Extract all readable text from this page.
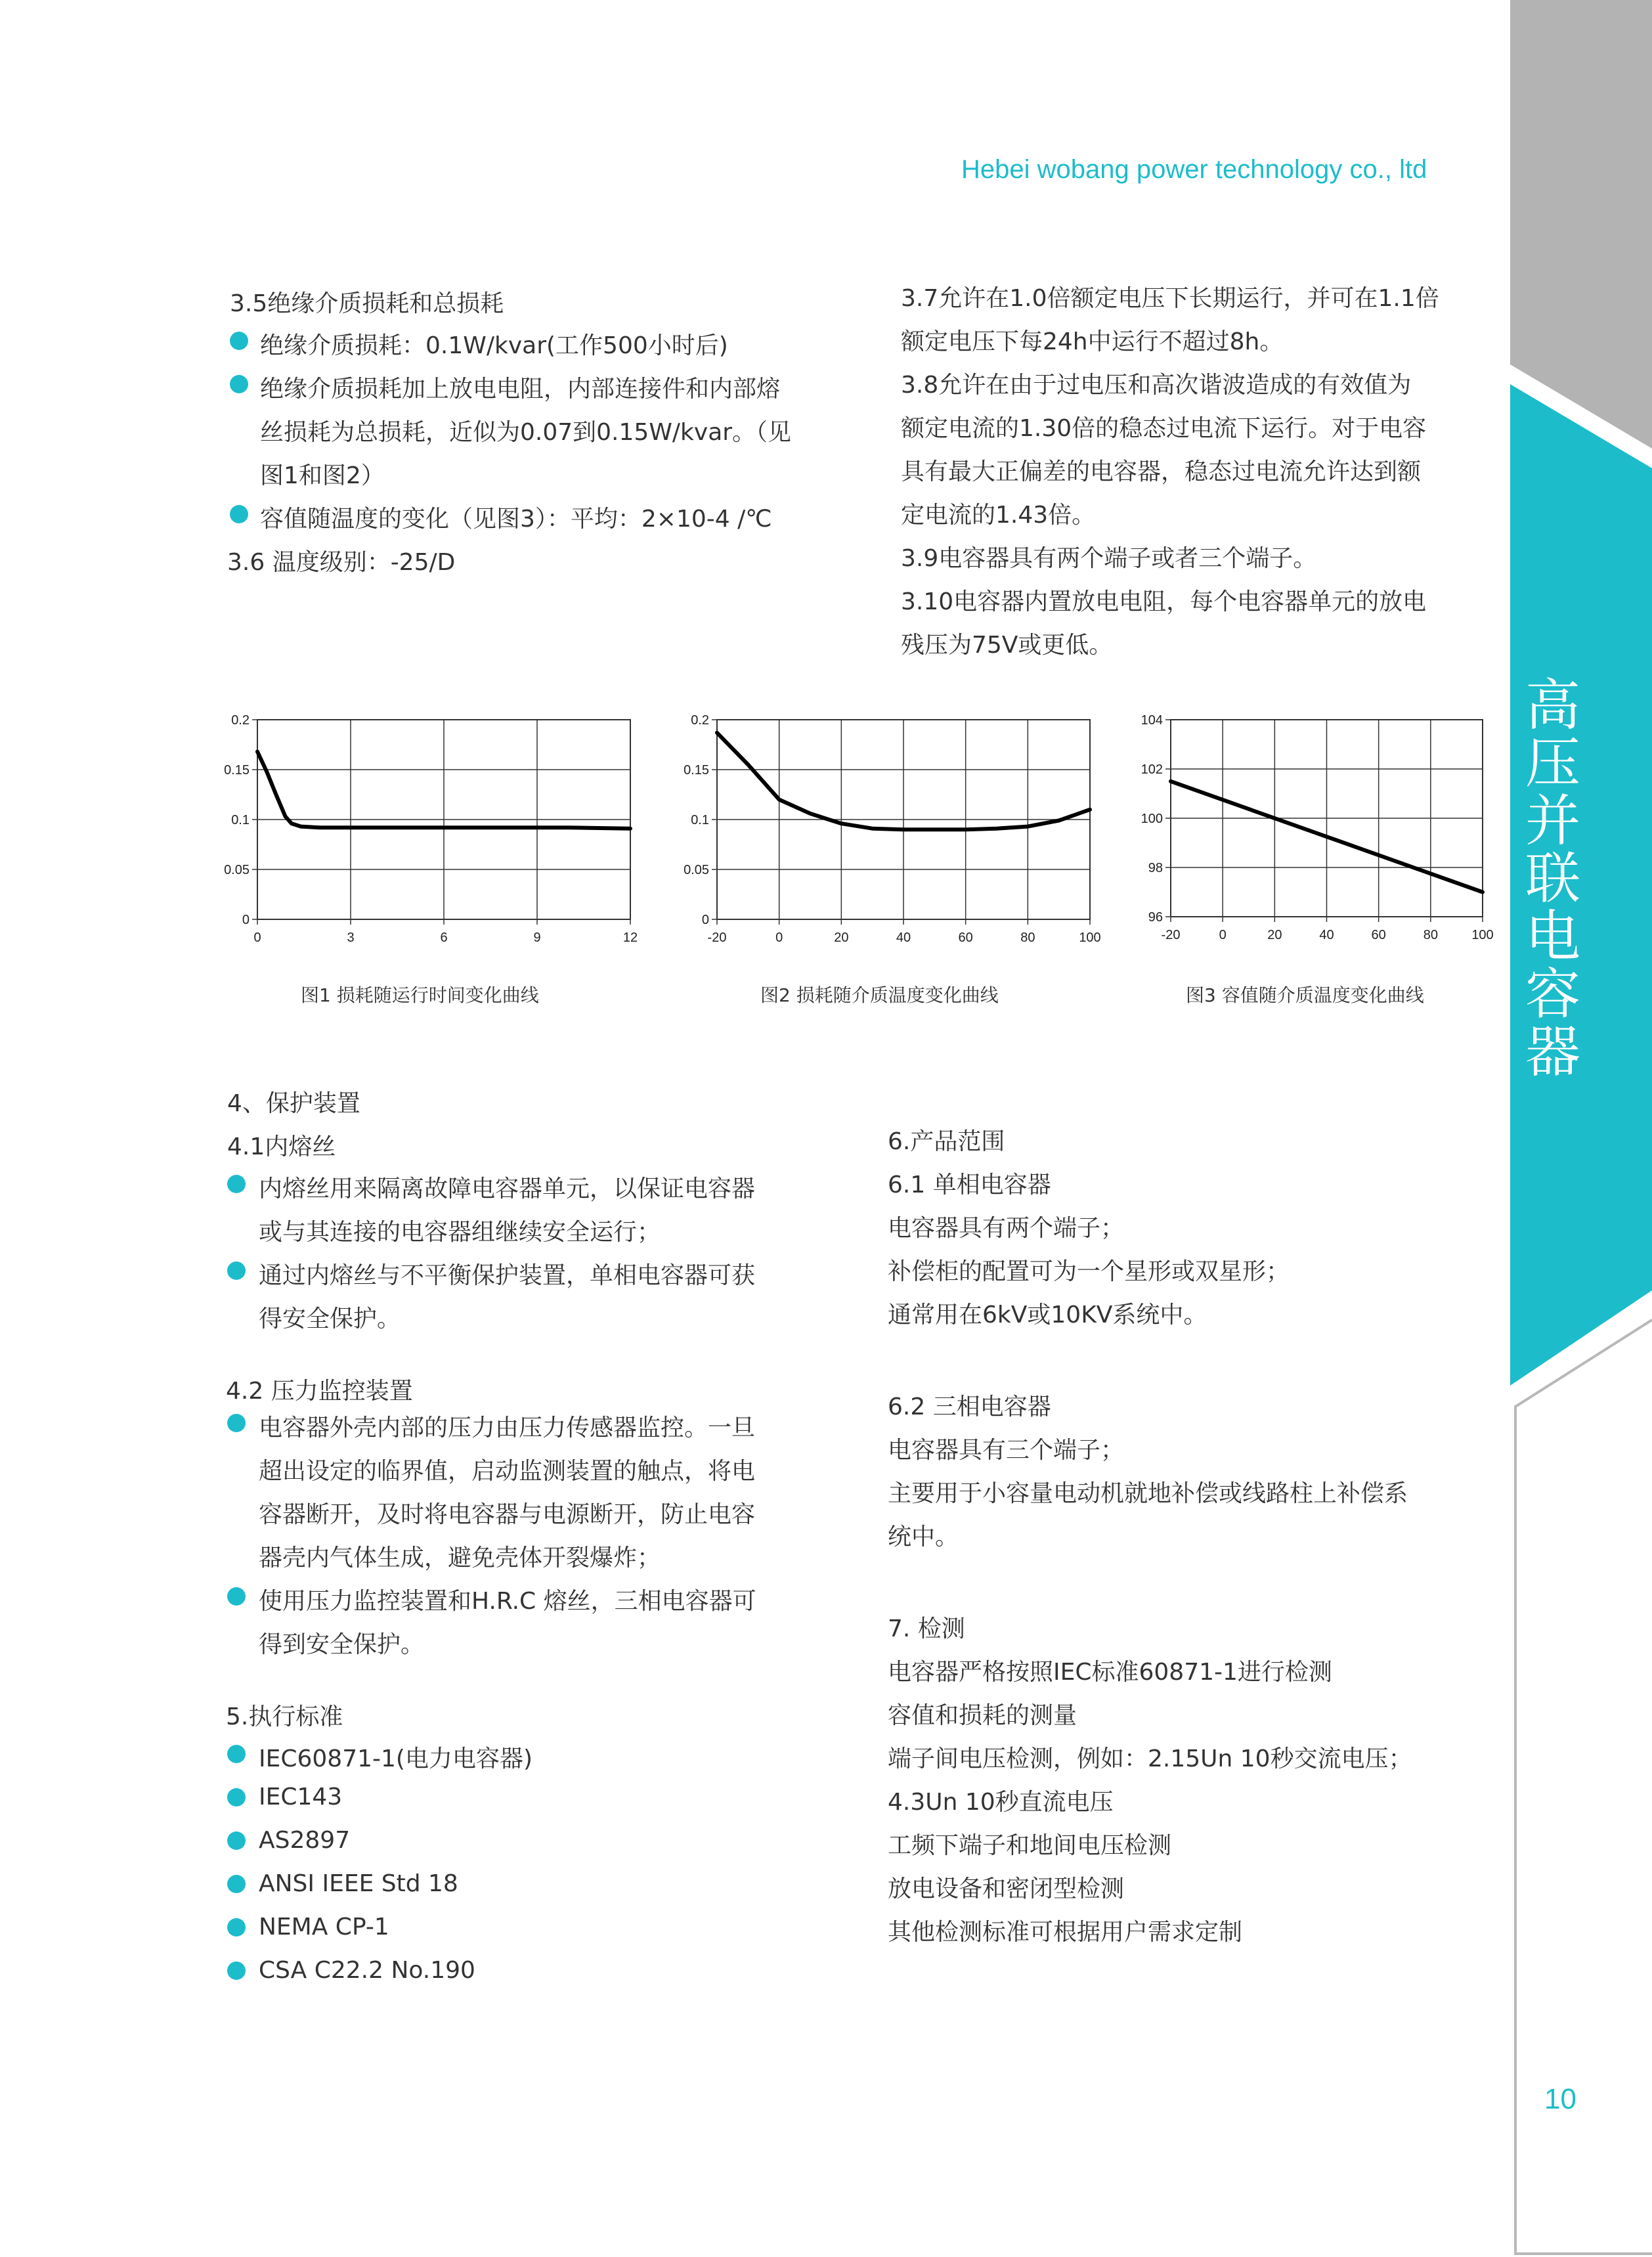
高
压
并
联
电
容
器
10
Hebei wobang power technology co., ltd
3.5绝缘介质损耗和总损耗
绝缘介质损耗：0.1W/kvar(工作500小时后)
绝缘介质损耗加上放电电阻，内部连接件和内部熔
丝损耗为总损耗，近似为0.07到0.15W/kvar。（见
图1和图2）
容值随温度的变化（见图3）：平均：2×10-4 /℃
3.6 温度级别：-25/D
3.7允许在1.0倍额定电压下长期运行，并可在1.1倍
额定电压下每24h中运行不超过8h。
3.8允许在由于过电压和高次谐波造成的有效值为
额定电流的1.30倍的稳态过电流下运行。对于电容
具有最大正偏差的电容器，稳态过电流允许达到额
定电流的1.43倍。
3.9电容器具有两个端子或者三个端子。
3.10电容器内置放电电阻，每个电容器单元的放电
残压为75V或更低。
0	3	6	9	12
0
0.05
0.1
0.15
0.2
-20	0	20	40	60	80	100
0
0.05
0.1
0.15
0.2
-20	0	20	40	60	80	100
96
98
100
102
104
图1 损耗随运行时间变化曲线	图2 损耗随介质温度变化曲线	图3 容值随介质温度变化曲线
4、保护装置
4.1内熔丝
内熔丝用来隔离故障电容器单元，以保证电容器
或与其连接的电容器组继续安全运行；
通过内熔丝与不平衡保护装置，单相电容器可获
得安全保护。
4.2 压力监控装置
电容器外壳内部的压力由压力传感器监控。一旦
超出设定的临界值，启动监测装置的触点，将电
容器断开，及时将电容器与电源断开，防止电容
器壳内气体生成，避免壳体开裂爆炸；
使用压力监控装置和H.R.C 熔丝，三相电容器可
得到安全保护。
5.执行标准
IEC60871-1(电力电容器)
IEC143
AS2897
ANSI IEEE Std 18
NEMA CP-1
CSA C22.2 No.190
6.产品范围
6.1 单相电容器
电容器具有两个端子；
补偿柜的配置可为一个星形或双星形；
通常用在6kV或10KV系统中。
6.2 三相电容器
电容器具有三个端子；
主要用于小容量电动机就地补偿或线路柱上补偿系
统中。
7. 检测
电容器严格按照IEC标准60871-1进行检测
容值和损耗的测量
端子间电压检测，例如：2.15Un 10秒交流电压；
4.3Un 10秒直流电压
工频下端子和地间电压检测
放电设备和密闭型检测
其他检测标准可根据用户需求定制
